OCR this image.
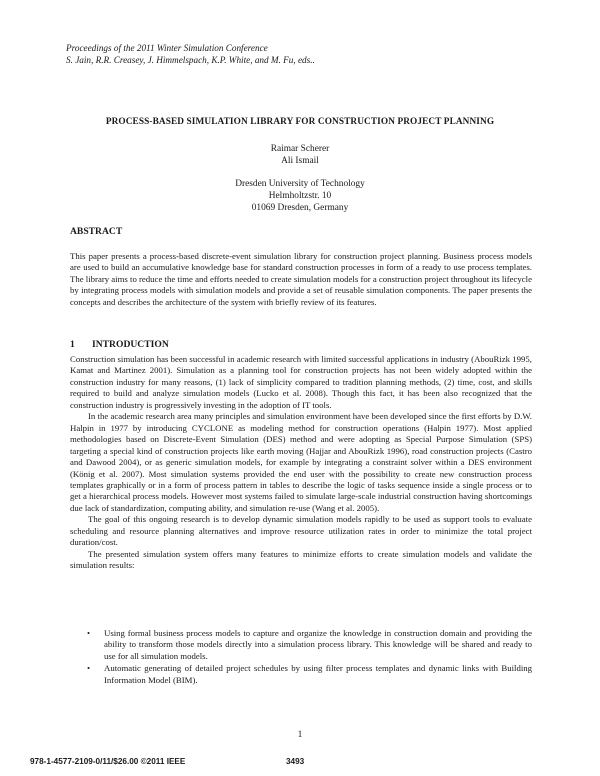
Proceedings of the 2011 Winter Simulation Conference
S. Jain, R.R. Creasey, J. Himmelspach, K.P. White, and M. Fu, eds..
PROCESS-BASED SIMULATION LIBRARY FOR CONSTRUCTION PROJECT PLANNING
Raimar Scherer
Ali Ismail
Dresden University of Technology
Helmholtzstr. 10
01069 Dresden, Germany
ABSTRACT

This paper presents a process-based discrete-event simulation library for construction project planning. Business process models are used to build an accumulative knowledge base for standard construction processes in form of a ready to use process templates. The library aims to reduce the time and efforts needed to create simulation models for a construction project throughout its lifecycle by integrating process models with simulation models and provide a set of reusable simulation components. The paper presents the concepts and describes the architecture of the system with briefly review of its features.

1 INTRODUCTION

Construction simulation has been successful in academic research with limited successful applications in industry (AbouRizk 1995, Kamat and Martinez 2001). Simulation as a planning tool for construction projects has not been widely adopted within the construction industry for many reasons, (1) lack of simplicity compared to tradition planning methods, (2) time, cost, and skills required to build and analyze simulation models (Lucko et al. 2008). Though this fact, it has been also recognized that the construction industry is progressively investing in the adoption of IT tools.

In the academic research area many principles and simulation environment have been developed since the first efforts by D.W. Halpin in 1977 by introducing CYCLONE as modeling method for construction operations (Halpin 1977). Most applied methodologies based on Discrete-Event Simulation (DES) method and were adopting as Special Purpose Simulation (SPS) targeting a special kind of construction projects like earth moving (Hajjar and AbouRizk 1996), road construction projects (Castro and Dawood 2004), or as generic simulation models, for example by integrating a constraint solver within a DES environment (König et al. 2007). Most simulation systems provided the end user with the possibility to create new construction process templates graphically or in a form of process pattern in tables to describe the logic of tasks sequence inside a single process or to get a hierarchical process models. However most systems failed to simulate large-scale industrial construction having shortcomings due lack of standardization, computing ability, and simulation re-use (Wang et al. 2005).

The goal of this ongoing research is to develop dynamic simulation models rapidly to be used as support tools to evaluate scheduling and resource planning alternatives and improve resource utilization rates in order to minimize the total project duration/cost.

The presented simulation system offers many features to minimize efforts to create simulation models and validate the simulation results:

• Using formal business process models to capture and organize the knowledge in construction domain and providing the ability to transform those models directly into a simulation process library. This knowledge will be shared and ready to use for all simulation models.
• Automatic generating of detailed project schedules by using filter process templates and dynamic links with Building Information Model (BIM).
1
978-1-4577-2109-0/11/$26.00 ©2011 IEEE	3493
